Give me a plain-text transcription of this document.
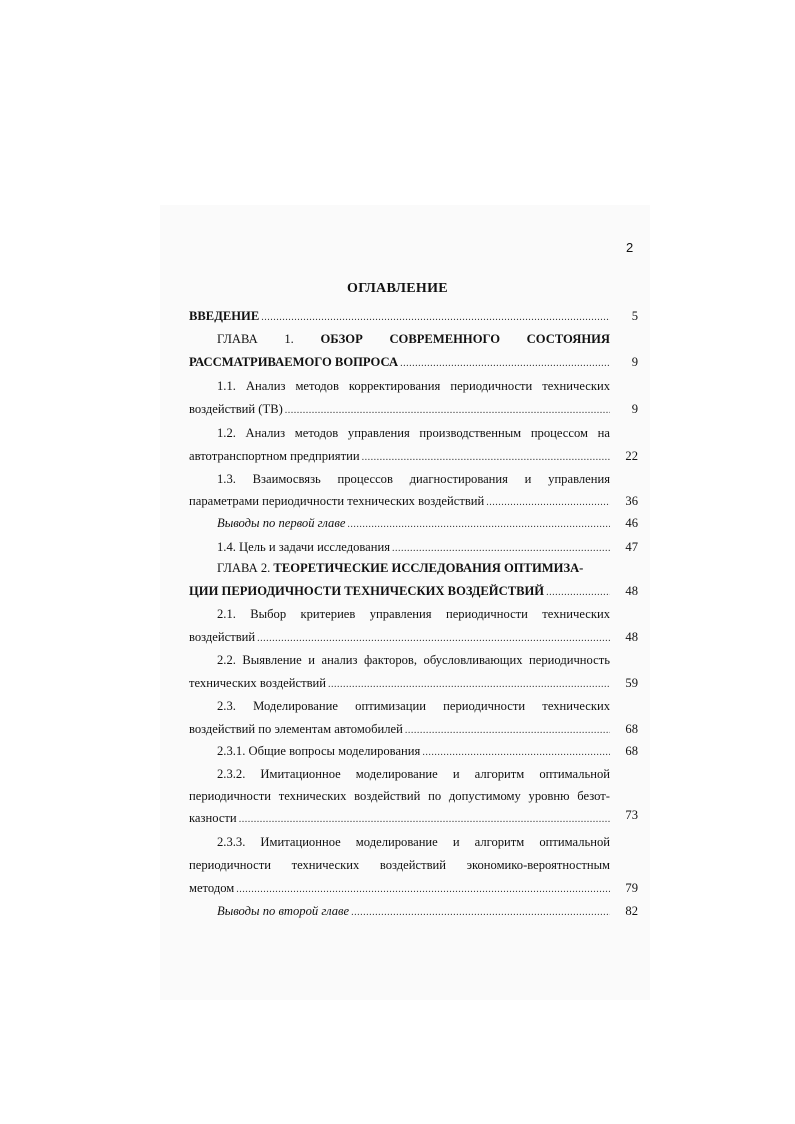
2
ОГЛАВЛЕНИЕ
ВВЕДЕНИЕ .....	5
ГЛАВА 1. ОБЗОР СОВРЕМЕННОГО СОСТОЯНИЯ
РАССМАТРИВАЕМОГО ВОПРОСА .....	9
1.1. Анализ методов корректирования периодичности технических
воздействий (ТВ) .....	9
1.2. Анализ методов управления производственным процессом на
автотранспортном предприятии .....	22
1.3. Взаимосвязь процессов диагностирования и управления
параметрами периодичности технических воздействий .....	36
Выводы по первой главе .....	46
1.4. Цель и задачи исследования .....	47
ГЛАВА 2. ТЕОРЕТИЧЕСКИЕ ИССЛЕДОВАНИЯ ОПТИМИЗА-
ЦИИ ПЕРИОДИЧНОСТИ ТЕХНИЧЕСКИХ ВОЗДЕЙСТВИЙ .....	48
2.1. Выбор критериев управления периодичности технических
воздействий .....	48
2.2. Выявление и анализ факторов, обусловливающих периодичность
технических воздействий .....	59
2.3. Моделирование оптимизации периодичности технических
воздействий по элементам автомобилей .....	68
2.3.1. Общие вопросы моделирования .....	68
2.3.2. Имитационное моделирование и алгоритм оптимальной
периодичности технических воздействий по допустимому уровню безот-
казности .....	73
2.3.3. Имитационное моделирование и алгоритм оптимальной
периодичности технических воздействий экономико-вероятностным
методом .....	79
Выводы по второй главе .....	82
